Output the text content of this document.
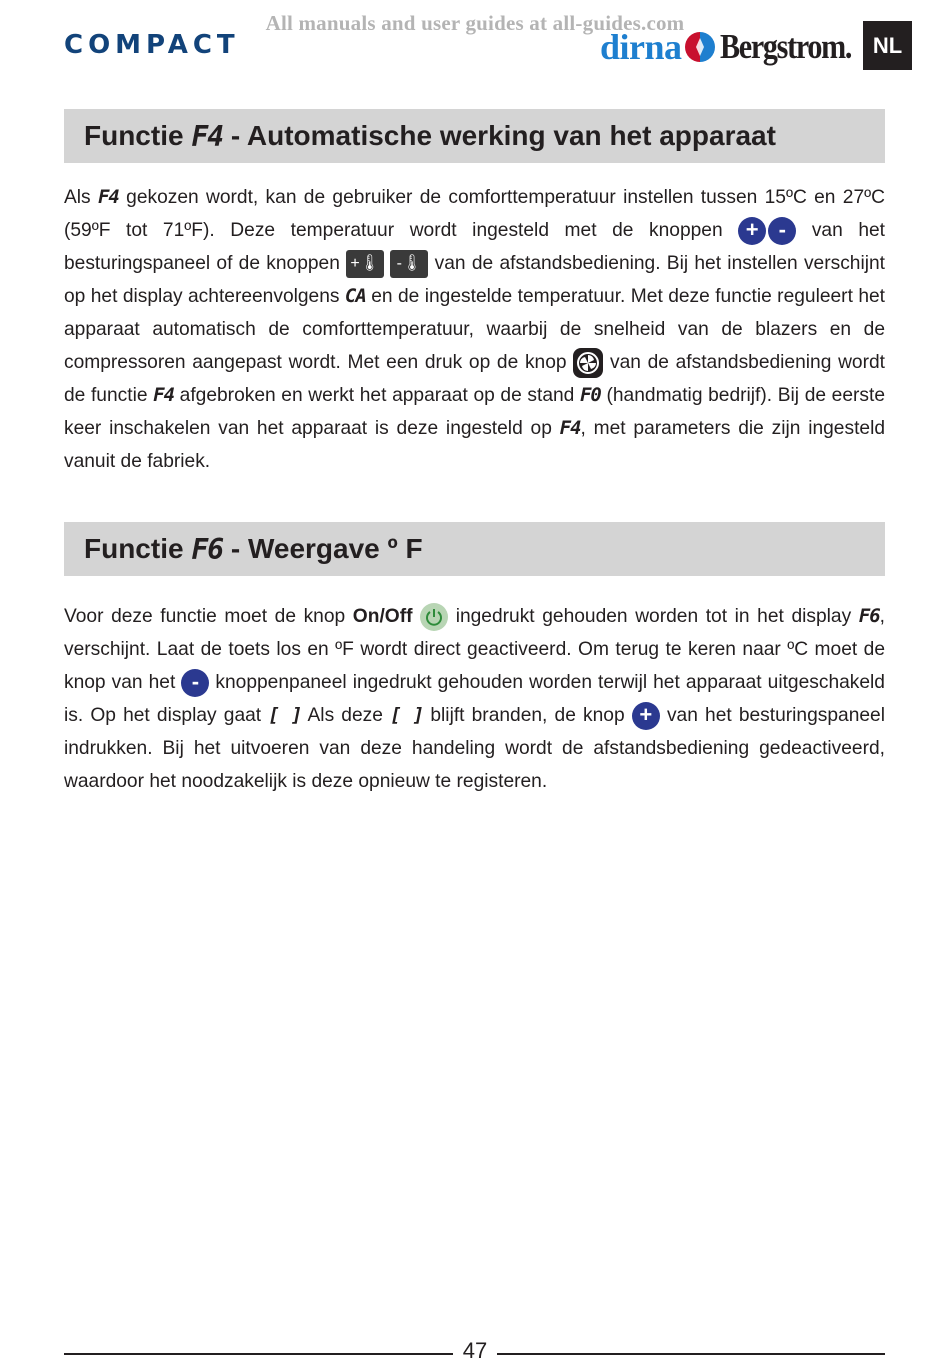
All manuals and user guides at all-guides.com
COMPACT	dirna Bergstrom.	NL
Functie F4 - Automatische werking van het apparaat
Als F4 gekozen wordt, kan de gebruiker de comforttemperatuur instellen tussen 15ºC en 27ºC (59ºF tot 71ºF). Deze temperatuur wordt ingesteld met de knoppen + - van het besturingspaneel of de knoppen +🌡 -🌡 van de afstandsbediening. Bij het instellen verschijnt op het display achtereenvolgens CA en de ingestelde temperatuur. Met deze functie reguleert het apparaat automatisch de comforttemperatuur, waarbij de snelheid van de blazers en de compressoren aangepast wordt. Met een druk op de knop
van de afstandsbediening wordt de functie F4 afgebroken en werkt het apparaat op de stand F0 (handmatig bedrijf). Bij de eerste keer inschakelen van het apparaat is deze ingesteld op F4, met parameters die zijn ingesteld vanuit de fabriek.
Functie F6 - Weergave º F
Voor deze functie moet de knop On/Off
ingedrukt gehouden worden tot in het display F6, verschijnt. Laat de toets los en ºF wordt direct geactiveerd. Om terug te keren naar ºC moet de knop van het - knoppenpaneel ingedrukt gehouden worden terwijl het apparaat uitgeschakeld is. Op het display gaat [ ] Als deze [ ] blijft branden, de knop + van het besturingspaneel indrukken. Bij het uitvoeren van deze handeling wordt de afstandsbediening gedeactiveerd, waardoor het noodzakelijk is deze opnieuw te registeren.
47
